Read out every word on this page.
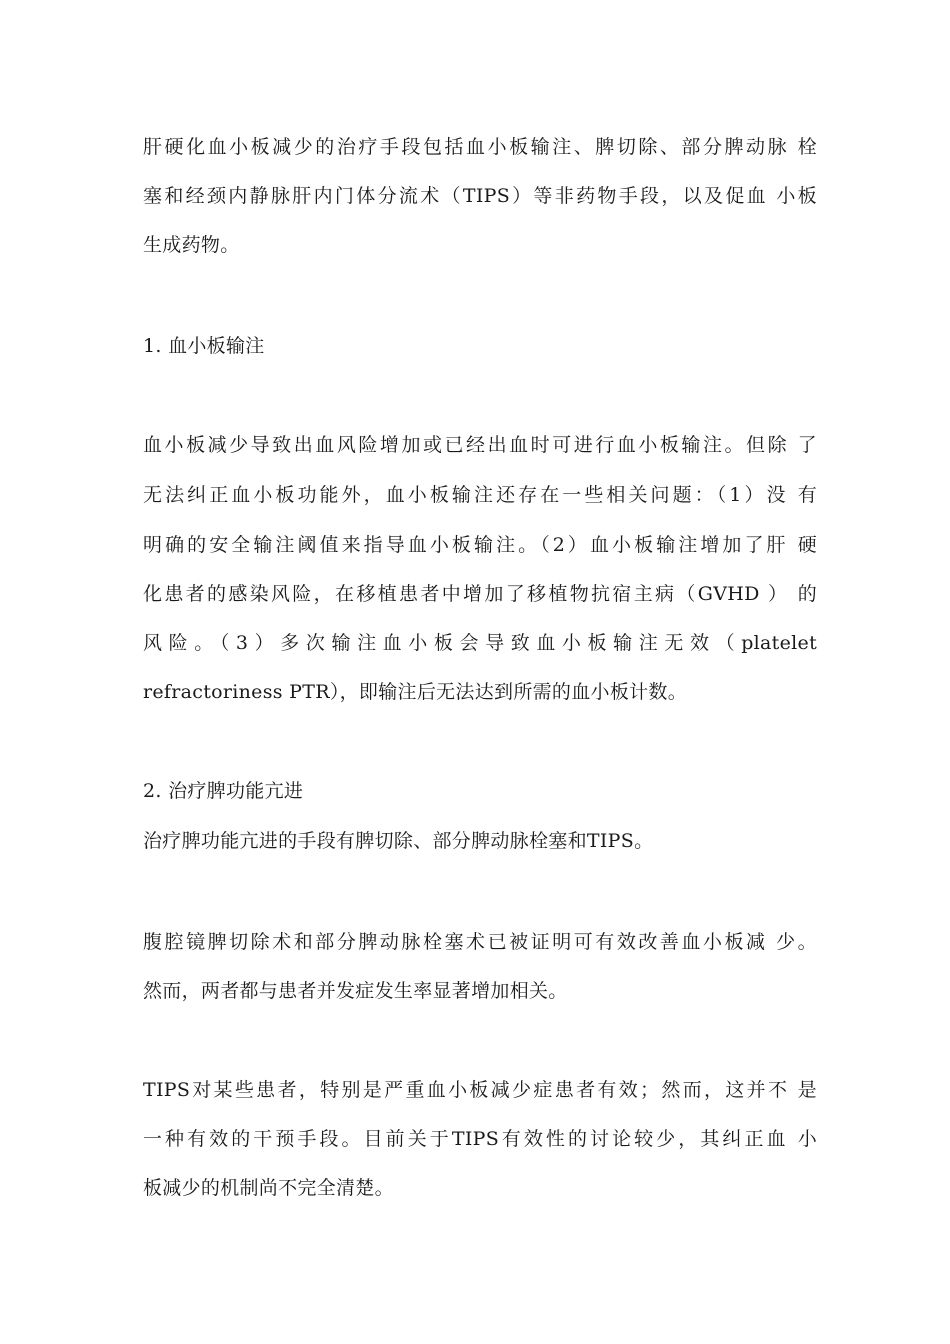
肝硬化血小板减少的治疗手段包括血小板输注、脾切除、部分脾动脉 栓
塞和经颈内静脉肝内门体分流术（TIPS）等非药物手段，以及促血 小板
生成药物。
1. 血小板输注
血小板减少导致出血风险增加或已经出血时可进行血小板输注。但除 了
无法纠正血小板功能外，血小板输注还存在一些相关问题：（1）没 有
明确的安全输注阈值来指导血小板输注。（2）血小板输注增加了肝 硬
化患者的感染风险，在移植患者中增加了移植物抗宿主病（GVHD ） 的
风险。（3）多次输注血小板会导致血小板输注无效（platelet
refractoriness PTR），即输注后无法达到所需的血小板计数。
2. 治疗脾功能亢进
治疗脾功能亢进的手段有脾切除、部分脾动脉栓塞和TIPS。
腹腔镜脾切除术和部分脾动脉栓塞术已被证明可有效改善血小板减 少。
然而，两者都与患者并发症发生率显著增加相关。
TIPS对某些患者，特别是严重血小板减少症患者有效；然而，这并不 是
一种有效的干预手段。目前关于TIPS有效性的讨论较少，其纠正血 小
板减少的机制尚不完全清楚。
